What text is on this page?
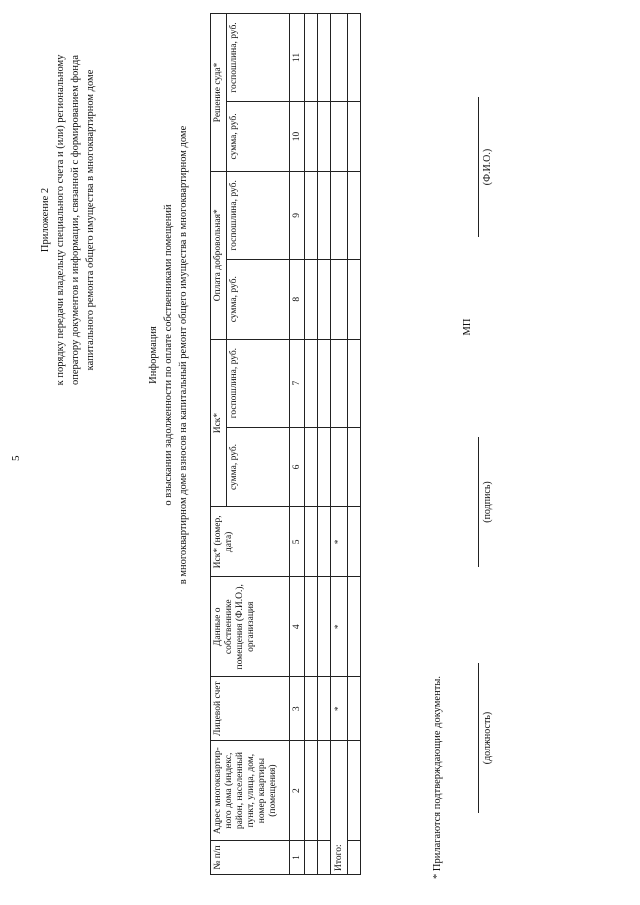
5
Приложение 2 к порядку передачи владельцу специального счета и (или) региональному оператору документов и информации, связанной с формированием фонда капитального ремонта общего имущества в многоквартирном доме	Информация о взыскании задолженности по оплате собственниками помещений в многоквартирном доме взносов на капитальный ремонт общего имущества в многоквартирном доме
№ п/п	Адрес многоквартир-ного дома (индекс, район, населенный пункт, улица, дом, номер квартиры (помещения)	Лицевой счет	Данные о собственнике помещения (Ф.И.О.), организация	Иск* (номер, дата)	Иск*		Оплата добровольная*		Решение суда*	
					сумма, руб.	госпошлина, руб.	сумма, руб.	госпошлина, руб.	сумма, руб.	госпошлина, руб.
1	2	3	4	5	6	7	8	9	10	11

Итого:		*	*	*						

* Прилагаются подтверждающие документы.	(должность)
(подпись)
МП
(Ф.И.О.)
